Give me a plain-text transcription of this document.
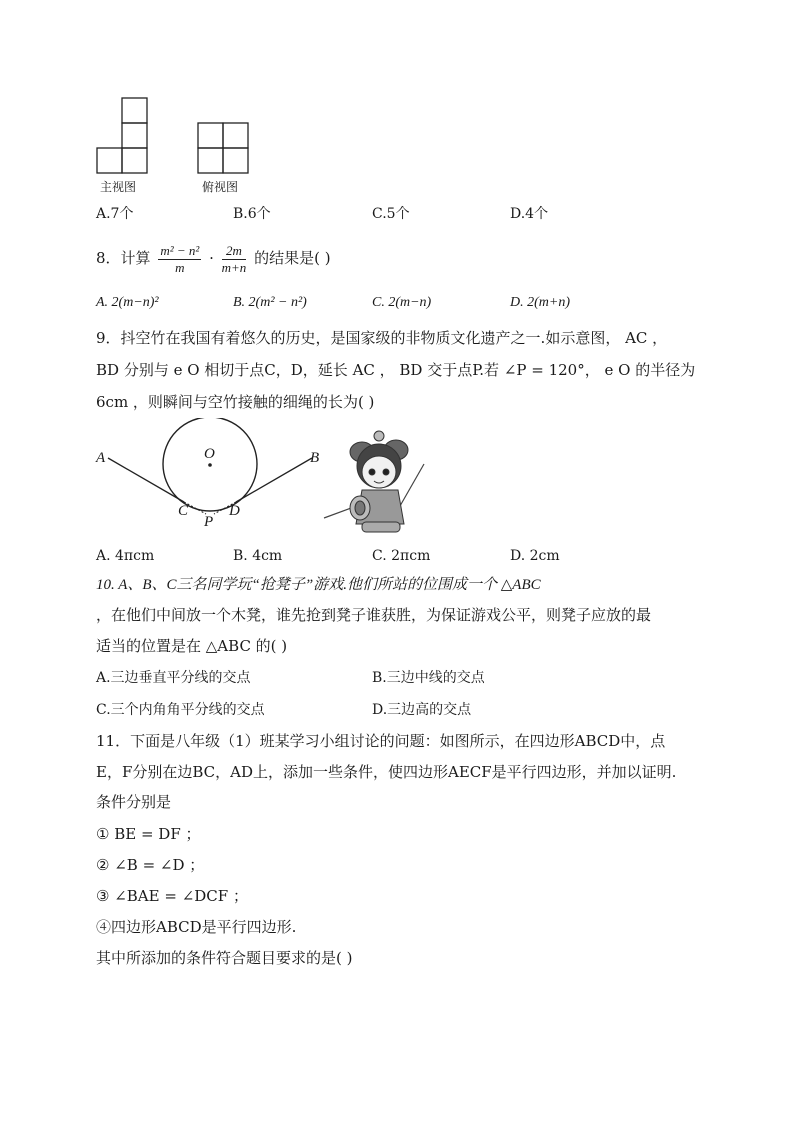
主视图	俯视图
A.7个	B.6个	C.5个	D.4个
8．计算 $\frac{\text{m² − n²}}{m} \cdot \frac{2m}{m+n}$ 的结果是( )
A. 2(m−n)²	B. 2(m² − n²)	C. 2(m−n)	D. 2(m+n)
9．抖空竹在我国有着悠久的历史，是国家级的非物质文化遗产之一.如示意图， AC ，
BD 分别与 e O 相切于点C，D，延长 AC ， BD 交于点P.若 ∠P = 120°， e O 的半径为
6cm ，则瞬间与空竹接触的细绳的长为( )
A	B
O
C	D
P
A. 4πcm	B. 4cm	C. 2πcm	D. 2cm
10. A、B、C三名同学玩“抢凳子”游戏.他们所站的位围成一个 △ABC
，在他们中间放一个木凳，谁先抢到凳子谁获胜，为保证游戏公平，则凳子应放的最
适当的位置是在 △ABC 的( )
A.三边垂直平分线的交点	B.三边中线的交点
C.三个内角角平分线的交点	D.三边高的交点
11．下面是八年级（1）班某学习小组讨论的问题：如图所示，在四边形ABCD中，点
E，F分别在边BC，AD上，添加一些条件，使四边形AECF是平行四边形，并加以证明.
条件分别是
① BE = DF ；
② ∠B = ∠D ；
③ ∠BAE = ∠DCF ；
④四边形ABCD是平行四边形.
其中所添加的条件符合题目要求的是( )
